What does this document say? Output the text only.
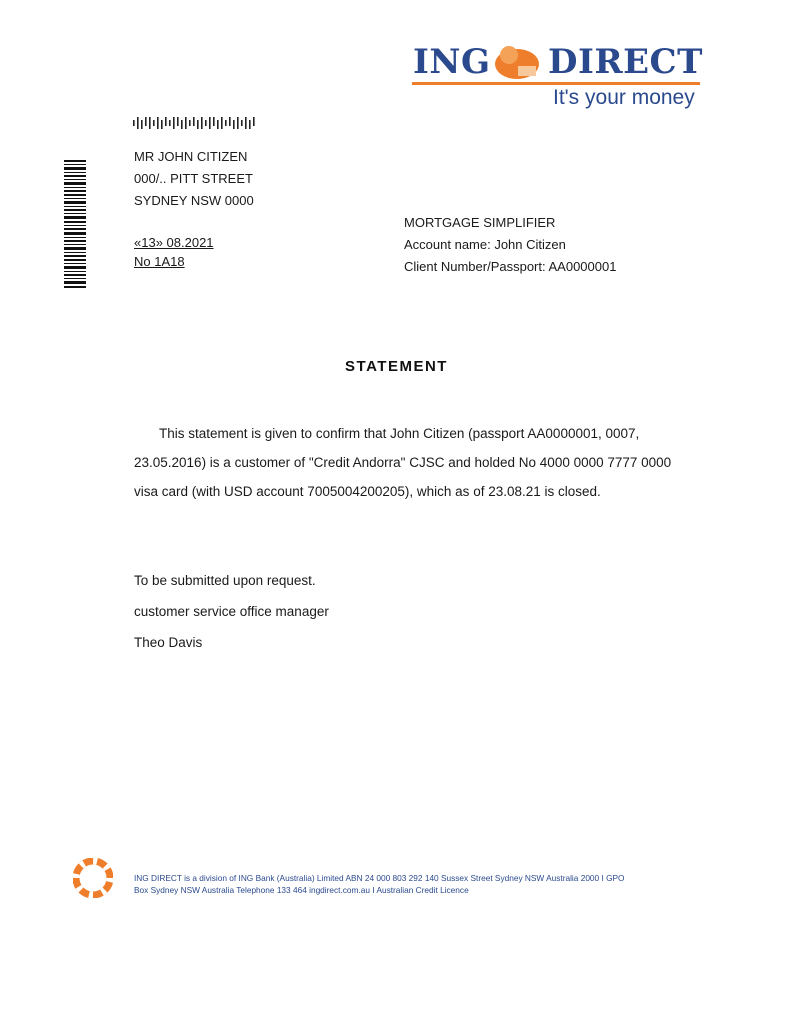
ING DIRECT
It's your money
MR JOHN CITIZEN
000/.. PITT STREET
SYDNEY NSW 0000
«13» 08.2021
No 1A18
MORTGAGE SIMPLIFIER
Account name: John Citizen
Client Number/Passport: AA0000001
STATEMENT
This statement is given to confirm that John Citizen (passport AA0000001, 0007,
23.05.2016) is a customer of "Credit Andorra" CJSC and holded No 4000 0000 7777 0000
visa card (with USD account 7005004200205), which as of 23.08.21 is closed.
To be submitted upon request.
customer service office manager
Theo Davis
ING DIRECT is a division of ING Bank (Australia) Limited ABN 24 000 803 292 140 Sussex Street Sydney NSW Australia 2000 I GPO
Box Sydney NSW Australia Telephone 133 464 ingdirect.com.au I Australian Credit Licence
